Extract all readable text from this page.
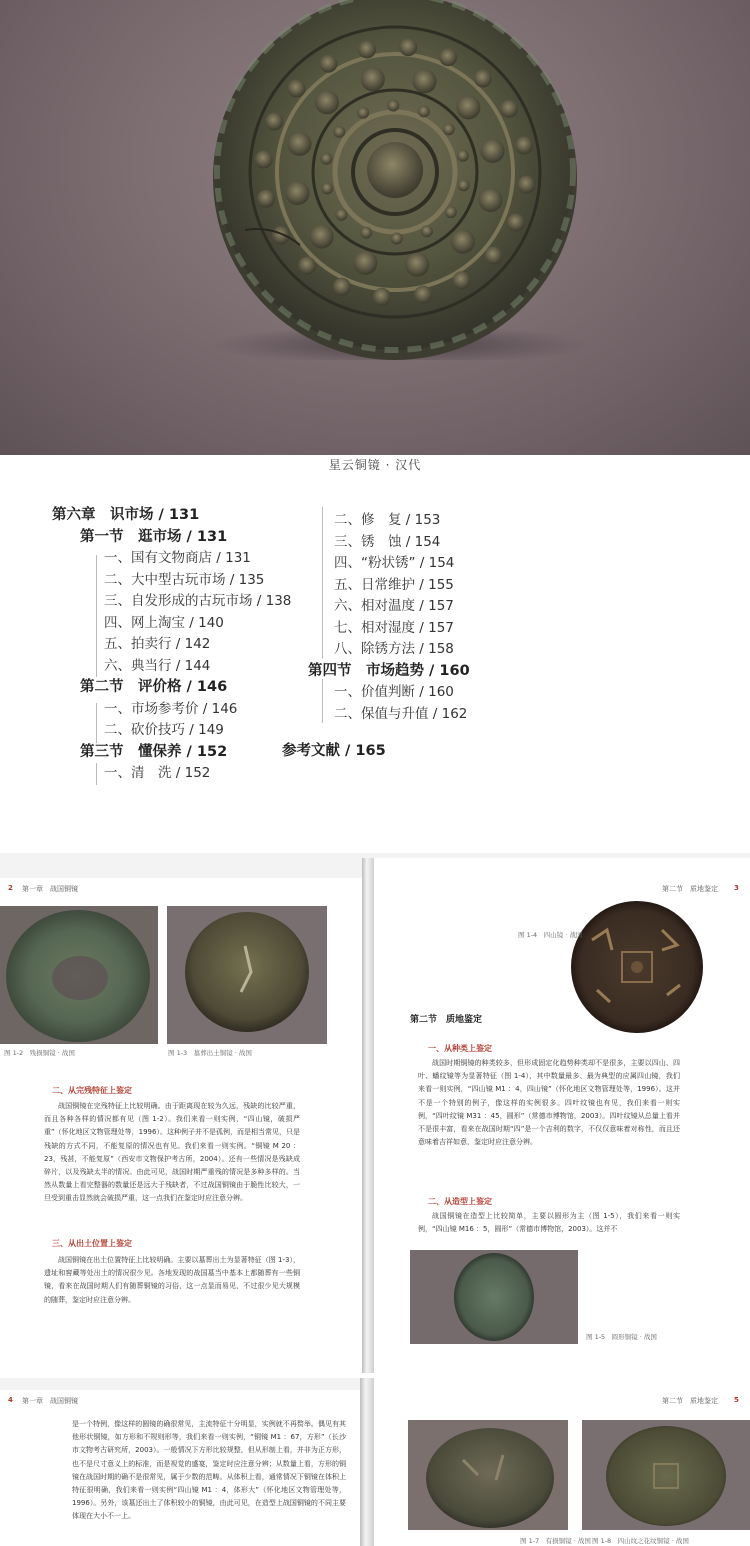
星云铜镜 · 汉代
第六章　识市场 / 131
第一节　逛市场 / 131
一、国有文物商店 / 131
二、大中型古玩市场 / 135
三、自发形成的古玩市场 / 138
四、网上淘宝 / 140
五、拍卖行 / 142
六、典当行 / 144
第二节　评价格 / 146
一、市场参考价 / 146
二、砍价技巧 / 149
第三节　懂保养 / 152
一、清　洗 / 152
二、修　复 / 153
三、锈　蚀 / 154
四、“粉状锈” / 154
五、日常维护 / 155
六、相对温度 / 157
七、相对湿度 / 157
八、除锈方法 / 158
第四节　市场趋势 / 160
一、价值判断 / 160
二、保值与升值 / 162
参考文献 / 165
2 第一章　战国铜镜
图 1-2　残损铜镜 · 战国	图 1-3　墓葬出土铜镜 · 战国
二、从完残特征上鉴定
战国铜镜在完残特征上比较明确。由于距离现在较为久远，残缺的比较严重，而且各种各样的情况都有见（图 1-2）。我们来看一则实例，“四山镜，破损严重”（怀化地区文物管理处等，1996）。这种例子并不是孤例，而是相当常见，只是残缺的方式不同，不能复原的情况也有见。我们来看一则实例。“铜镜 M 20 ：23，残甚，不能复原”（西安市文物保护考古所，2004）。还有一些情况是残缺成碎片，以及残缺太半的情况。由此可见，战国时期严重残的情况是多种多样的。当然从数量上看完整器的数量还是远大于残缺者，不过战国铜镜由于脆性比较大，一旦受到重击显然就会破损严重，这一点我们在鉴定时应注意分辨。
三、从出土位置上鉴定
战国铜镜在出土位置特征上比较明确。主要以墓葬出土为显著特征（图 1-3），遗址和窖藏等处出土的情况很少见。各地发现的战国墓当中基本上都随葬有一些铜镜，看来在战国时期人们有随葬铜镜的习俗，这一点显而易见，不过很少见大规模的随葬，鉴定时应注意分辨。
第二节　质地鉴定 3
图 1-4　四山镜 · 战国
第二节　质地鉴定
一、从种类上鉴定
战国时期铜镜的种类较多，但形成固定化趋势种类却不是很多，主要以四山、四叶、蟠纹镜等为显著特征（图 1-4），其中数量最多、最为典型的应属四山镜，我们来看一则实例，“四山镜 M1 ：4，四山镜”（怀化地区文物管理处等，1996）。这并不是一个特别的例子，像这样的实例很多。四叶纹镜也有见，我们来看一则实例，“四叶纹镜 M31 ：45，圆形”（常德市博物馆，2003）。四叶纹镜从总量上看并不是很丰富，看来在战国时期“四”是一个吉利的数字，不仅仅意味着对称性，而且还意味着吉祥如意，鉴定时应注意分辨。
二、从造型上鉴定
战国铜镜在造型上比较简单，主要以圆形为主（图 1-5），我们来看一则实例，“四山镜 M16 ：5，圆形”（常德市博物馆，2003）。这并不
图 1-5　圆形铜镜 · 战国
4 第一章　战国铜镜
是一个特例，像这样的圆镜的确很常见，主流特征十分明显，实例就不再赘举。偶见有其他形状铜镜，如方形和不规则形等，我们来看一则实例，“铜镜 M1 ：67，方形”（长沙市文物考古研究所，2003）。一般情况下方形比较规整，但从形制上看，并非为正方形，也不是尺寸意义上的标准，而是视觉的盛宴，鉴定时应注意分辨；从数量上看，方形的铜镜在战国时期的确不是很常见，属于少数的范畴。从体积上看，通常情况下铜镜在体积上特征很明确，我们来看一则实例“四山镜 M1 ：4，体形大”（怀化地区文物管理处等，1996）。另外，该墓还出土了体积较小的铜镜，由此可见，在造型上战国铜镜的不同主要体现在大小不一上。
第二节　质地鉴定 5
图 1-7　有损铜镜 · 战国 图 1-8　四山纹之花纹铜镜 · 战国
